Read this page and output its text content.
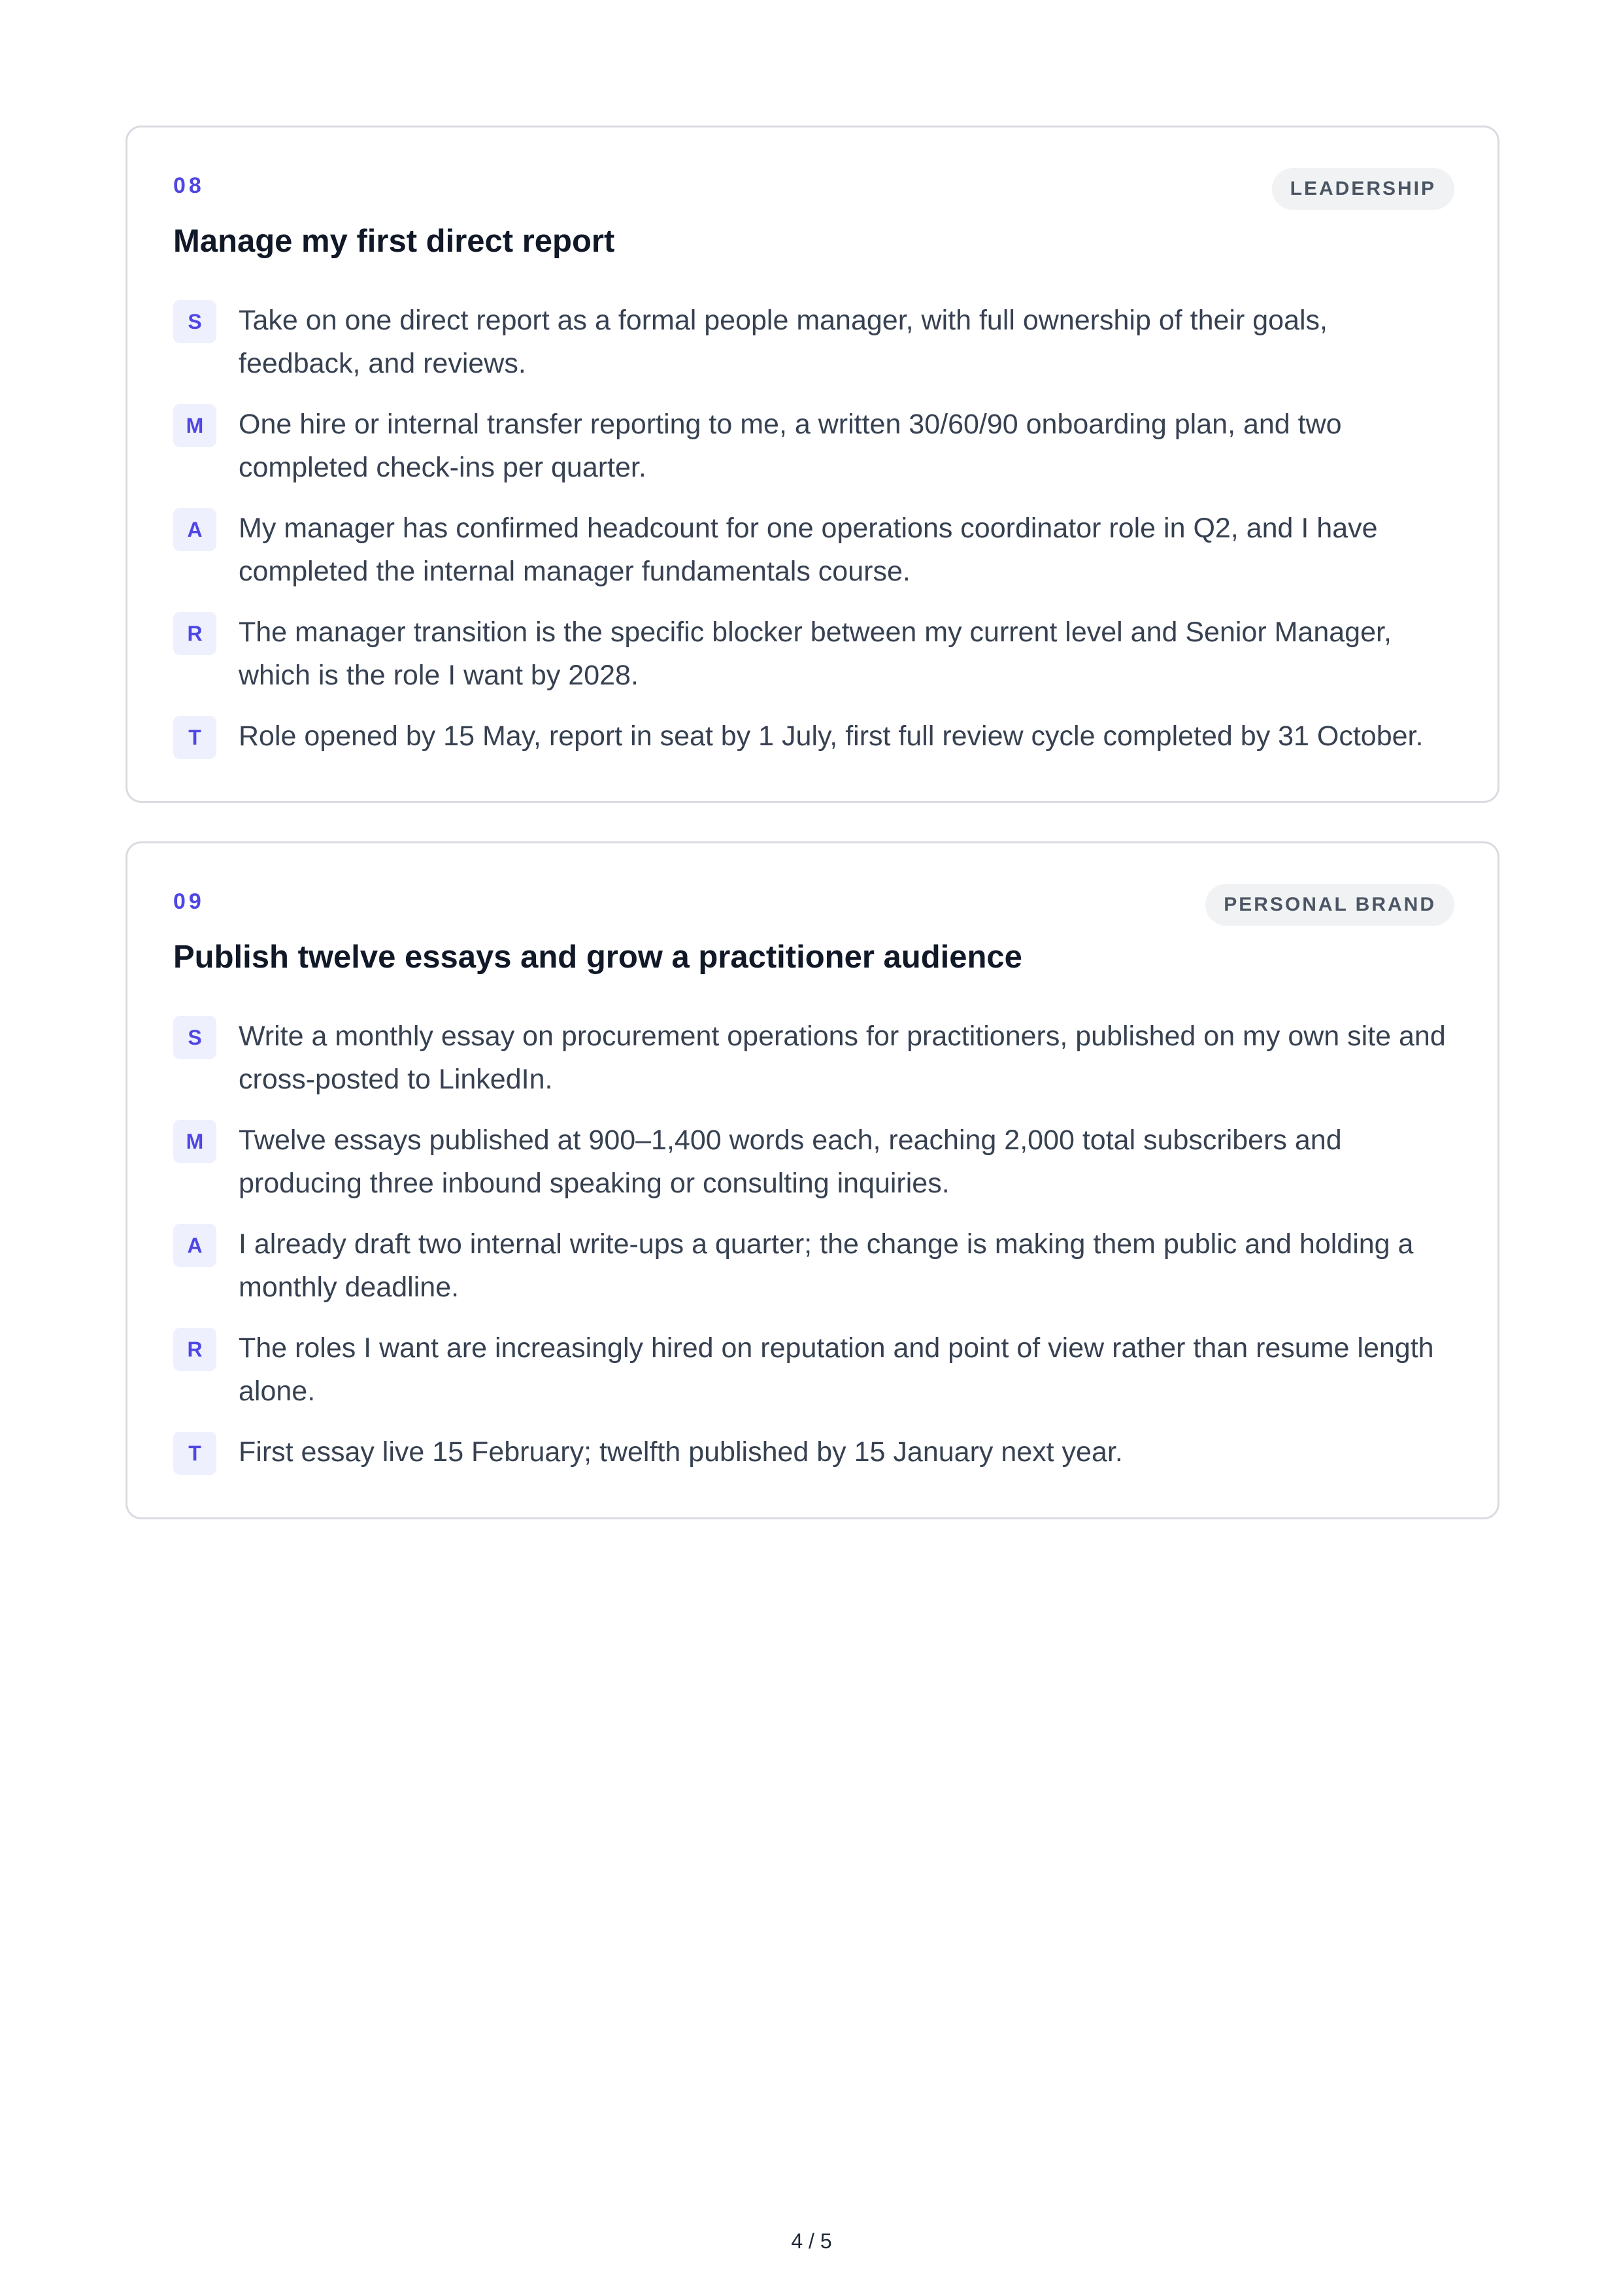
08	LEADERSHIP
Manage my first direct report
S	Take on one direct report as a formal people manager, with full ownership of their goals, feedback, and reviews.
M	One hire or internal transfer reporting to me, a written 30/60/90 onboarding plan, and two completed check-ins per quarter.
A	My manager has confirmed headcount for one operations coordinator role in Q2, and I have completed the internal manager fundamentals course.
R	The manager transition is the specific blocker between my current level and Senior Manager, which is the role I want by 2028.
T	Role opened by 15 May, report in seat by 1 July, first full review cycle completed by 31 October.
09	PERSONAL BRAND
Publish twelve essays and grow a practitioner audience
S	Write a monthly essay on procurement operations for practitioners, published on my own site and cross-posted to LinkedIn.
M	Twelve essays published at 900–1,400 words each, reaching 2,000 total subscribers and producing three inbound speaking or consulting inquiries.
A	I already draft two internal write-ups a quarter; the change is making them public and holding a monthly deadline.
R	The roles I want are increasingly hired on reputation and point of view rather than resume length alone.
T	First essay live 15 February; twelfth published by 15 January next year.
4 / 5
